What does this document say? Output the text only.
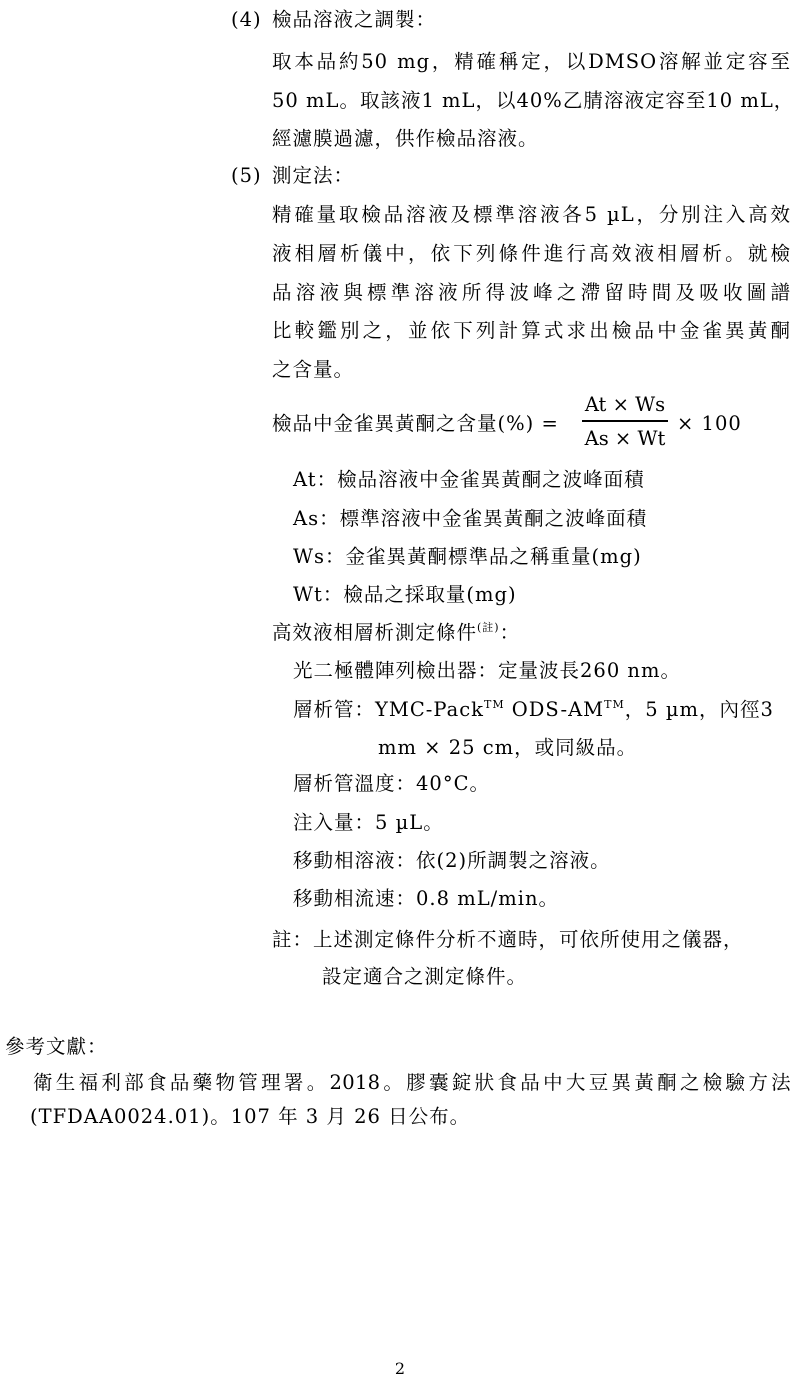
(4) 檢品溶液之調製：
取本品約50 mg，精確稱定，以DMSO溶解並定容至
50 mL。取該液1 mL，以40%乙腈溶液定容至10 mL，
經濾膜過濾，供作檢品溶液。
(5) 測定法：
精確量取檢品溶液及標準溶液各5 µL，分別注入高效
液相層析儀中，依下列條件進行高效液相層析。就檢
品溶液與標準溶液所得波峰之滯留時間及吸收圖譜
比較鑑別之，並依下列計算式求出檢品中金雀異黃酮
之含量。
檢品中金雀異黃酮之含量(%) =
At × Ws
As × Wt
× 100
At：檢品溶液中金雀異黃酮之波峰面積
As：標準溶液中金雀異黃酮之波峰面積
Ws：金雀異黃酮標準品之稱重量(mg)
Wt：檢品之採取量(mg)
高效液相層析測定條件$^{(註)}$：
光二極體陣列檢出器：定量波長260 nm。
層析管：YMC-Pack™ ODS-AM™，5 µm，內徑3
mm × 25 cm，或同級品。
層析管溫度：40°C。
注入量：5 µL。
移動相溶液：依(2)所調製之溶液。
移動相流速：0.8 mL/min。
註：上述測定條件分析不適時，可依所使用之儀器，
設定適合之測定條件。
參考文獻：
衛生福利部食品藥物管理署。2018。膠囊錠狀食品中大豆異黃酮之檢驗方法
(TFDAA0024.01)。107 年 3 月 26 日公布。
2
